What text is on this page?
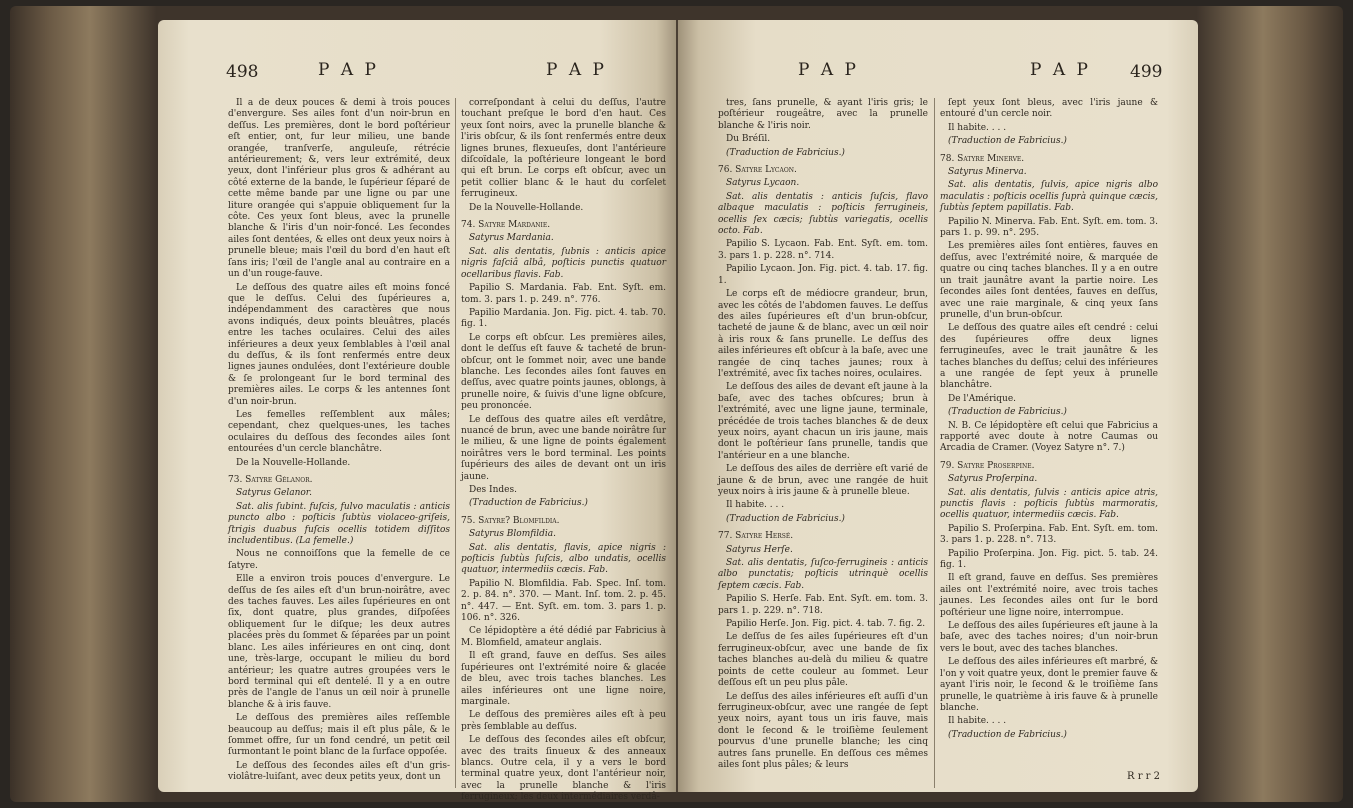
498	P A P	P A P

Il a de deux pouces & demi à trois pouces d'envergure. Ses ailes font d'un noir-brun en deſſus. Les premières, dont le bord poſtérieur eſt entier, ont, fur leur milieu, une bande orangée, tranſverſe, anguleuſe, rétrécie antérieurement; &, vers leur extrémité, deux yeux, dont l'inférieur plus gros & adhérant au côté externe de la bande, le ſupérieur ſéparé de cette même bande par une ligne ou par une liture orangée qui s'appuie obliquement ſur la côte. Ces yeux ſont bleus, avec la prunelle blanche & l'iris d'un noir-foncé. Les ſecondes ailes ſont dentées, & elles ont deux yeux noirs à prunelle bleue; mais l'œil du bord d'en haut eſt ſans iris; l'œil de l'angle anal au contraire en a un d'un rouge-fauve.

Le deſſous des quatre ailes eſt moins foncé que le deſſus. Celui des ſupérieures a, indépendamment des caractères que nous avons indiqués, deux points bleuâtres, placés entre les taches oculaires. Celui des ailes inférieures a deux yeux ſemblables à l'œil anal du deſſus, & ils ſont renfermés entre deux lignes jaunes ondulées, dont l'extérieure double & ſe prolongeant ſur le bord terminal des premières ailes. Le corps & les antennes ſont d'un noir-brun.

Les femelles reſſemblent aux mâles; cependant, chez quelques-unes, les taches oculaires du deſſous des ſecondes ailes ſont entourées d'un cercle blanchâtre.

De la Nouvelle-Hollande.

73. Satyre Gélanor.

Satyrus Gelanor.

Sat. alis ſubint. fuſcis, fulvo maculatis : anticis puncto albo : poſticis ſubtùs violaceo-griſeis, ſtrigis duabus fuſcis ocellis totidem diſſitos includentibus. (La femelle.)

Nous ne connoiſſons que la femelle de ce ſatyre.

Elle a environ trois pouces d'envergure. Le deſſus de ſes ailes eſt d'un brun-noirâtre, avec des taches fauves. Les ailes ſupérieures en ont ſix, dont quatre, plus grandes, diſpoſées obliquement ſur le diſque; les deux autres placées près du ſommet & ſéparées par un point blanc. Les ailes inférieures en ont cinq, dont une, très-large, occupant le milieu du bord antérieur; les quatre autres groupées vers le bord terminal qui eſt dentelé. Il y a en outre près de l'angle de l'anus un œil noir à prunelle blanche & à iris fauve.

Le deſſous des premières ailes reſſemble beaucoup au deſſus; mais il eſt plus pâle, & le ſommet offre, ſur un fond cendré, un petit œil ſurmontant le point blanc de la ſurface oppoſée.

Le deſſous des ſecondes ailes eſt d'un gris-violâtre-luiſant, avec deux petits yeux, dont un

correſpondant à celui du deſſus, l'autre touchant preſque le bord d'en haut. Ces yeux ſont noirs, avec la prunelle blanche & l'iris obſcur, & ils ſont renfermés entre deux lignes brunes, flexueuſes, dont l'antérieure diſcoïdale, la poſtérieure longeant le bord qui eſt brun. Le corps eſt obſcur, avec un petit collier blanc & le haut du corſelet ferrugineux.

De la Nouvelle-Hollande.

74. Satyre Mardanie.

Satyrus Mardania.

Sat. alis dentatis, ſubnis : anticis apice nigris faſciâ albâ, poſticis punctis quatuor ocellaribus flavis. Fab.

Papilio S. Mardania. Fab. Ent. Syſt. em. tom. 3. pars 1. p. 249. n°. 776.

Papilio Mardania. Jon. Fig. pict. 4. tab. 70. fig. 1.

Le corps eſt obſcur. Les premières ailes, dont le deſſus eſt fauve & tacheté de brun-obſcur, ont le ſommet noir, avec une bande blanche. Les ſecondes ailes ſont fauves en deſſus, avec quatre points jaunes, oblongs, à prunelle noire, & ſuivis d'une ligne obſcure, peu prononcée.

Le deſſous des quatre ailes eſt verdâtre, nuancé de brun, avec une bande noirâtre ſur le milieu, & une ligne de points également noirâtres vers le bord terminal. Les points ſupérieurs des ailes de devant ont un iris jaune.

Des Indes.

(Traduction de Fabricius.)

75. Satyre? Blomfildia.

Satyrus Blomfildia.

Sat. alis dentatis, flavis, apice nigris : poſticis ſubtùs ſuſcis, albo undatis, ocellis quatuor, intermediis cæcis. Fab.

Papilio N. Blomfildia. Fab. Spec. Inſ. tom. 2. p. 84. n°. 370. — Mant. Inſ. tom. 2. p. 45. n°. 447. — Ent. Syſt. em. tom. 3. pars 1. p. 106. n°. 326.

Ce lépidoptère a été dédié par Fabricius à M. Blomfield, amateur anglais.

Il eſt grand, fauve en deſſus. Ses ailes ſupérieures ont l'extrémité noire & glacée de bleu, avec trois taches blanches. Les ailes inférieures ont une ligne noire, marginale.

Le deſſous des premières ailes eſt à peu près ſemblable au deſſus.

Le deſſous des ſecondes ailes eſt obſcur, avec des traits ſinueux & des anneaux blancs. Outre cela, il y a vers le bord terminal quatre yeux, dont l'antérieur noir, avec la prunelle blanche & l'iris ferrugineux; les deux intermédiaires verdâ-

P A P	P A P 499

tres, ſans prunelle, & ayant l'iris gris; le poſtérieur rougeâtre, avec la prunelle blanche & l'iris noir.

Du Bréſil.

(Traduction de Fabricius.)

76. Satyre Lycaon.

Satyrus Lycaon.

Sat. alis dentatis : anticis ſuſcis, flavo albaque maculatis : poſticis ferrugineis, ocellis ſex cæcis; ſubtùs variegatis, ocellis octo. Fab.

Papilio S. Lycaon. Fab. Ent. Syſt. em. tom. 3. pars 1. p. 228. n°. 714.

Papilio Lycaon. Jon. Fig. pict. 4. tab. 17. fig. 1.

Le corps eſt de médiocre grandeur, brun, avec les côtés de l'abdomen fauves. Le deſſus des ailes ſupérieures eſt d'un brun-obſcur, tacheté de jaune & de blanc, avec un œil noir à iris roux & ſans prunelle. Le deſſus des ailes inférieures eſt obſcur à la baſe, avec une rangée de cinq taches jaunes; roux à l'extrémité, avec ſix taches noires, oculaires.

Le deſſous des ailes de devant eſt jaune à la baſe, avec des taches obſcures; brun à l'extrémité, avec une ligne jaune, terminale, précédée de trois taches blanches & de deux yeux noirs, ayant chacun un iris jaune, mais dont le poſtérieur ſans prunelle, tandis que l'antérieur en a une blanche.

Le deſſous des ailes de derrière eſt varié de jaune & de brun, avec une rangée de huit yeux noirs à iris jaune & à prunelle bleue.

Il habite. . . .

(Traduction de Fabricius.)

77. Satyre Herſé.

Satyrus Herſe.

Sat. alis dentatis, ſuſco-ferrugineis : anticis albo punctatis; poſticis utrinquè ocellis ſeptem cæcis. Fab.

Papilio S. Herſe. Fab. Ent. Syſt. em. tom. 3. pars 1. p. 229. n°. 718.

Papilio Herſe. Jon. Fig. pict. 4. tab. 7. fig. 2.

Le deſſus de ſes ailes ſupérieures eſt d'un ferrugineux-obſcur, avec une bande de ſix taches blanches au-delà du milieu & quatre points de cette couleur au ſommet. Leur deſſous eſt un peu plus pâle.

Le deſſus des ailes inférieures eſt auſſi d'un ferrugineux-obſcur, avec une rangée de ſept yeux noirs, ayant tous un iris fauve, mais dont le ſecond & le troiſième ſeulement pourvus d'une prunelle blanche; les cinq autres ſans prunelle. En deſſous ces mêmes ailes ſont plus pâles; & leurs

ſept yeux ſont bleus, avec l'iris jaune & entouré d'un cercle noir.

Il habite. . . .

(Traduction de Fabricius.)

78. Satyre Minerve.

Satyrus Minerva.

Sat. alis dentatis, ſulvis, apice nigris albo maculatis : poſticis ocellis ſuprà quinque cæcis, ſubtùs ſeptem papillatis. Fab.

Papilio N. Minerva. Fab. Ent. Syſt. em. tom. 3. pars 1. p. 99. n°. 295.

Les premières ailes ſont entières, fauves en deſſus, avec l'extrémité noire, & marquée de quatre ou cinq taches blanches. Il y a en outre un trait jaunâtre avant la partie noire. Les ſecondes ailes ſont dentées, fauves en deſſus, avec une raie marginale, & cinq yeux ſans prunelle, d'un brun-obſcur.

Le deſſous des quatre ailes eſt cendré : celui des ſupérieures offre deux lignes ferrugineuſes, avec le trait jaunâtre & les taches blanches du deſſus; celui des inférieures a une rangée de ſept yeux à prunelle blanchâtre.

De l'Amérique.

(Traduction de Fabricius.)

N. B. Ce lépidoptère eſt celui que Fabricius a rapporté avec doute à notre Caumas ou Arcadia de Cramer. (Voyez Satyre n°. 7.)

79. Satyre Proſerpine.

Satyrus Proſerpina.

Sat. alis dentatis, ſulvis : anticis apice atris, punctis flavis : poſticis ſubtùs marmoratis, ocellis quatuor, intermediis cæcis. Fab.

Papilio S. Proſerpina. Fab. Ent. Syſt. em. tom. 3. pars 1. p. 228. n°. 713.

Papilio Proſerpina. Jon. Fig. pict. 5. tab. 24. fig. 1.

Il eſt grand, fauve en deſſus. Ses premières ailes ont l'extrémité noire, avec trois taches jaunes. Les ſecondes ailes ont ſur le bord poſtérieur une ligne noire, interrompue.

Le deſſous des ailes ſupérieures eſt jaune à la baſe, avec des taches noires; d'un noir-brun vers le bout, avec des taches blanches.

Le deſſous des ailes inférieures eſt marbré, & l'on y voit quatre yeux, dont le premier fauve & ayant l'iris noir, le ſecond & le troiſième ſans prunelle, le quatrième à iris fauve & à prunelle blanche.

Il habite. . . .

(Traduction de Fabricius.)

R r r 2
